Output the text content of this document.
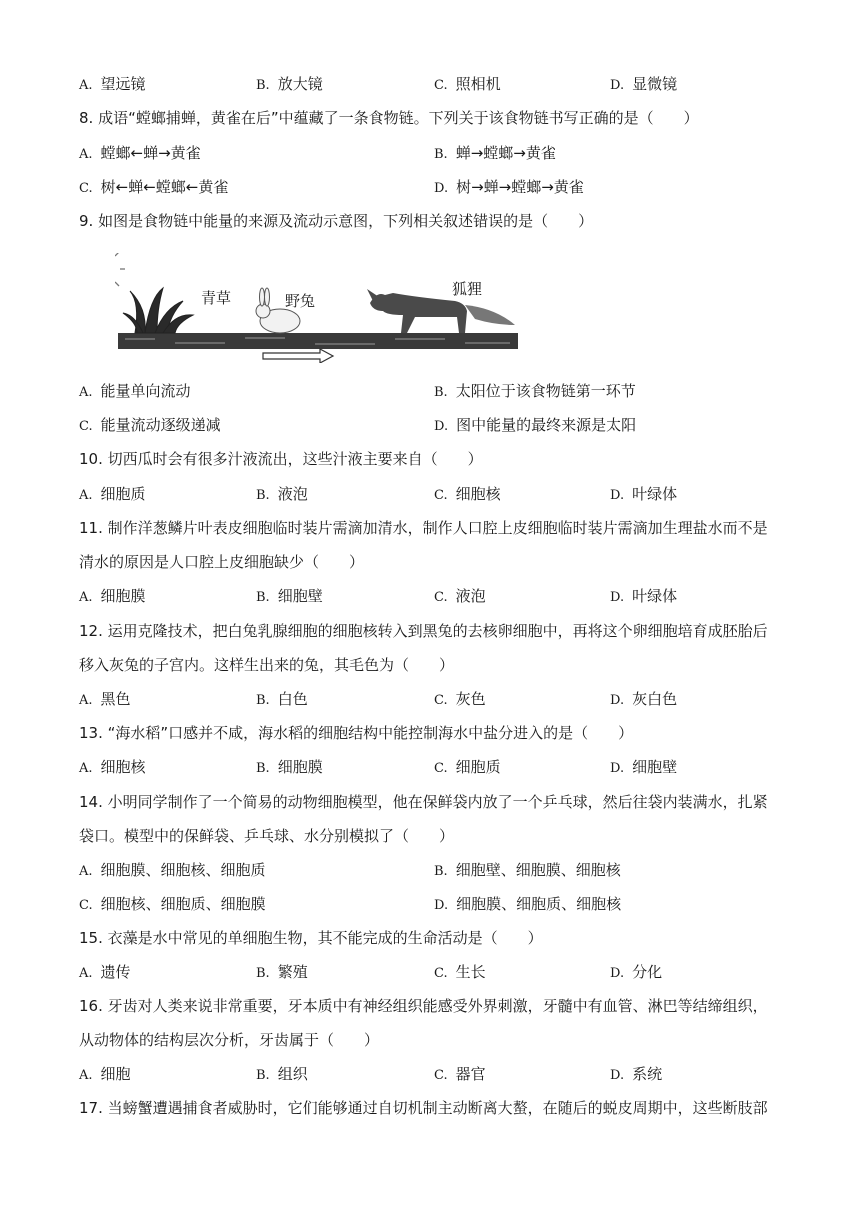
A. 望远镜	B. 放大镜	C. 照相机	D. 显微镜
8. 成语“螳螂捕蝉，黄雀在后”中蕴藏了一条食物链。下列关于该食物链书写正确的是（　　）
A. 螳螂←蝉→黄雀	B. 蝉→螳螂→黄雀
C. 树←蝉←螳螂←黄雀	D. 树→蝉→螳螂→黄雀
9. 如图是食物链中能量的来源及流动示意图，下列相关叙述错误的是（　　）
青草	野兔
狐狸
A. 能量单向流动	B. 太阳位于该食物链第一环节
C. 能量流动逐级递减	D. 图中能量的最终来源是太阳
10. 切西瓜时会有很多汁液流出，这些汁液主要来自（　　）
A. 细胞质	B. 液泡	C. 细胞核	D. 叶绿体
11. 制作洋葱鳞片叶表皮细胞临时装片需滴加清水，制作人口腔上皮细胞临时装片需滴加生理盐水而不是
清水的原因是人口腔上皮细胞缺少（　　）
A. 细胞膜	B. 细胞壁	C. 液泡	D. 叶绿体
12. 运用克隆技术，把白兔乳腺细胞的细胞核转入到黑兔的去核卵细胞中，再将这个卵细胞培育成胚胎后
移入灰兔的子宫内。这样生出来的兔，其毛色为（　　）
A. 黑色	B. 白色	C. 灰色	D. 灰白色
13. “海水稻”口感并不咸，海水稻的细胞结构中能控制海水中盐分进入的是（　　）
A. 细胞核	B. 细胞膜	C. 细胞质	D. 细胞壁
14. 小明同学制作了一个简易的动物细胞模型，他在保鲜袋内放了一个乒乓球，然后往袋内装满水，扎紧
袋口。模型中的保鲜袋、乒乓球、水分别模拟了（　　）
A. 细胞膜、细胞核、细胞质	B. 细胞壁、细胞膜、细胞核
C. 细胞核、细胞质、细胞膜	D. 细胞膜、细胞质、细胞核
15. 衣藻是水中常见的单细胞生物，其不能完成的生命活动是（　　）
A. 遗传	B. 繁殖	C. 生长	D. 分化
16. 牙齿对人类来说非常重要，牙本质中有神经组织能感受外界刺激，牙髓中有血管、淋巴等结缔组织，
从动物体的结构层次分析，牙齿属于（　　）
A. 细胞	B. 组织	C. 器官	D. 系统
17. 当螃蟹遭遇捕食者威胁时，它们能够通过自切机制主动断离大螯，在随后的蜕皮周期中，这些断肢部
